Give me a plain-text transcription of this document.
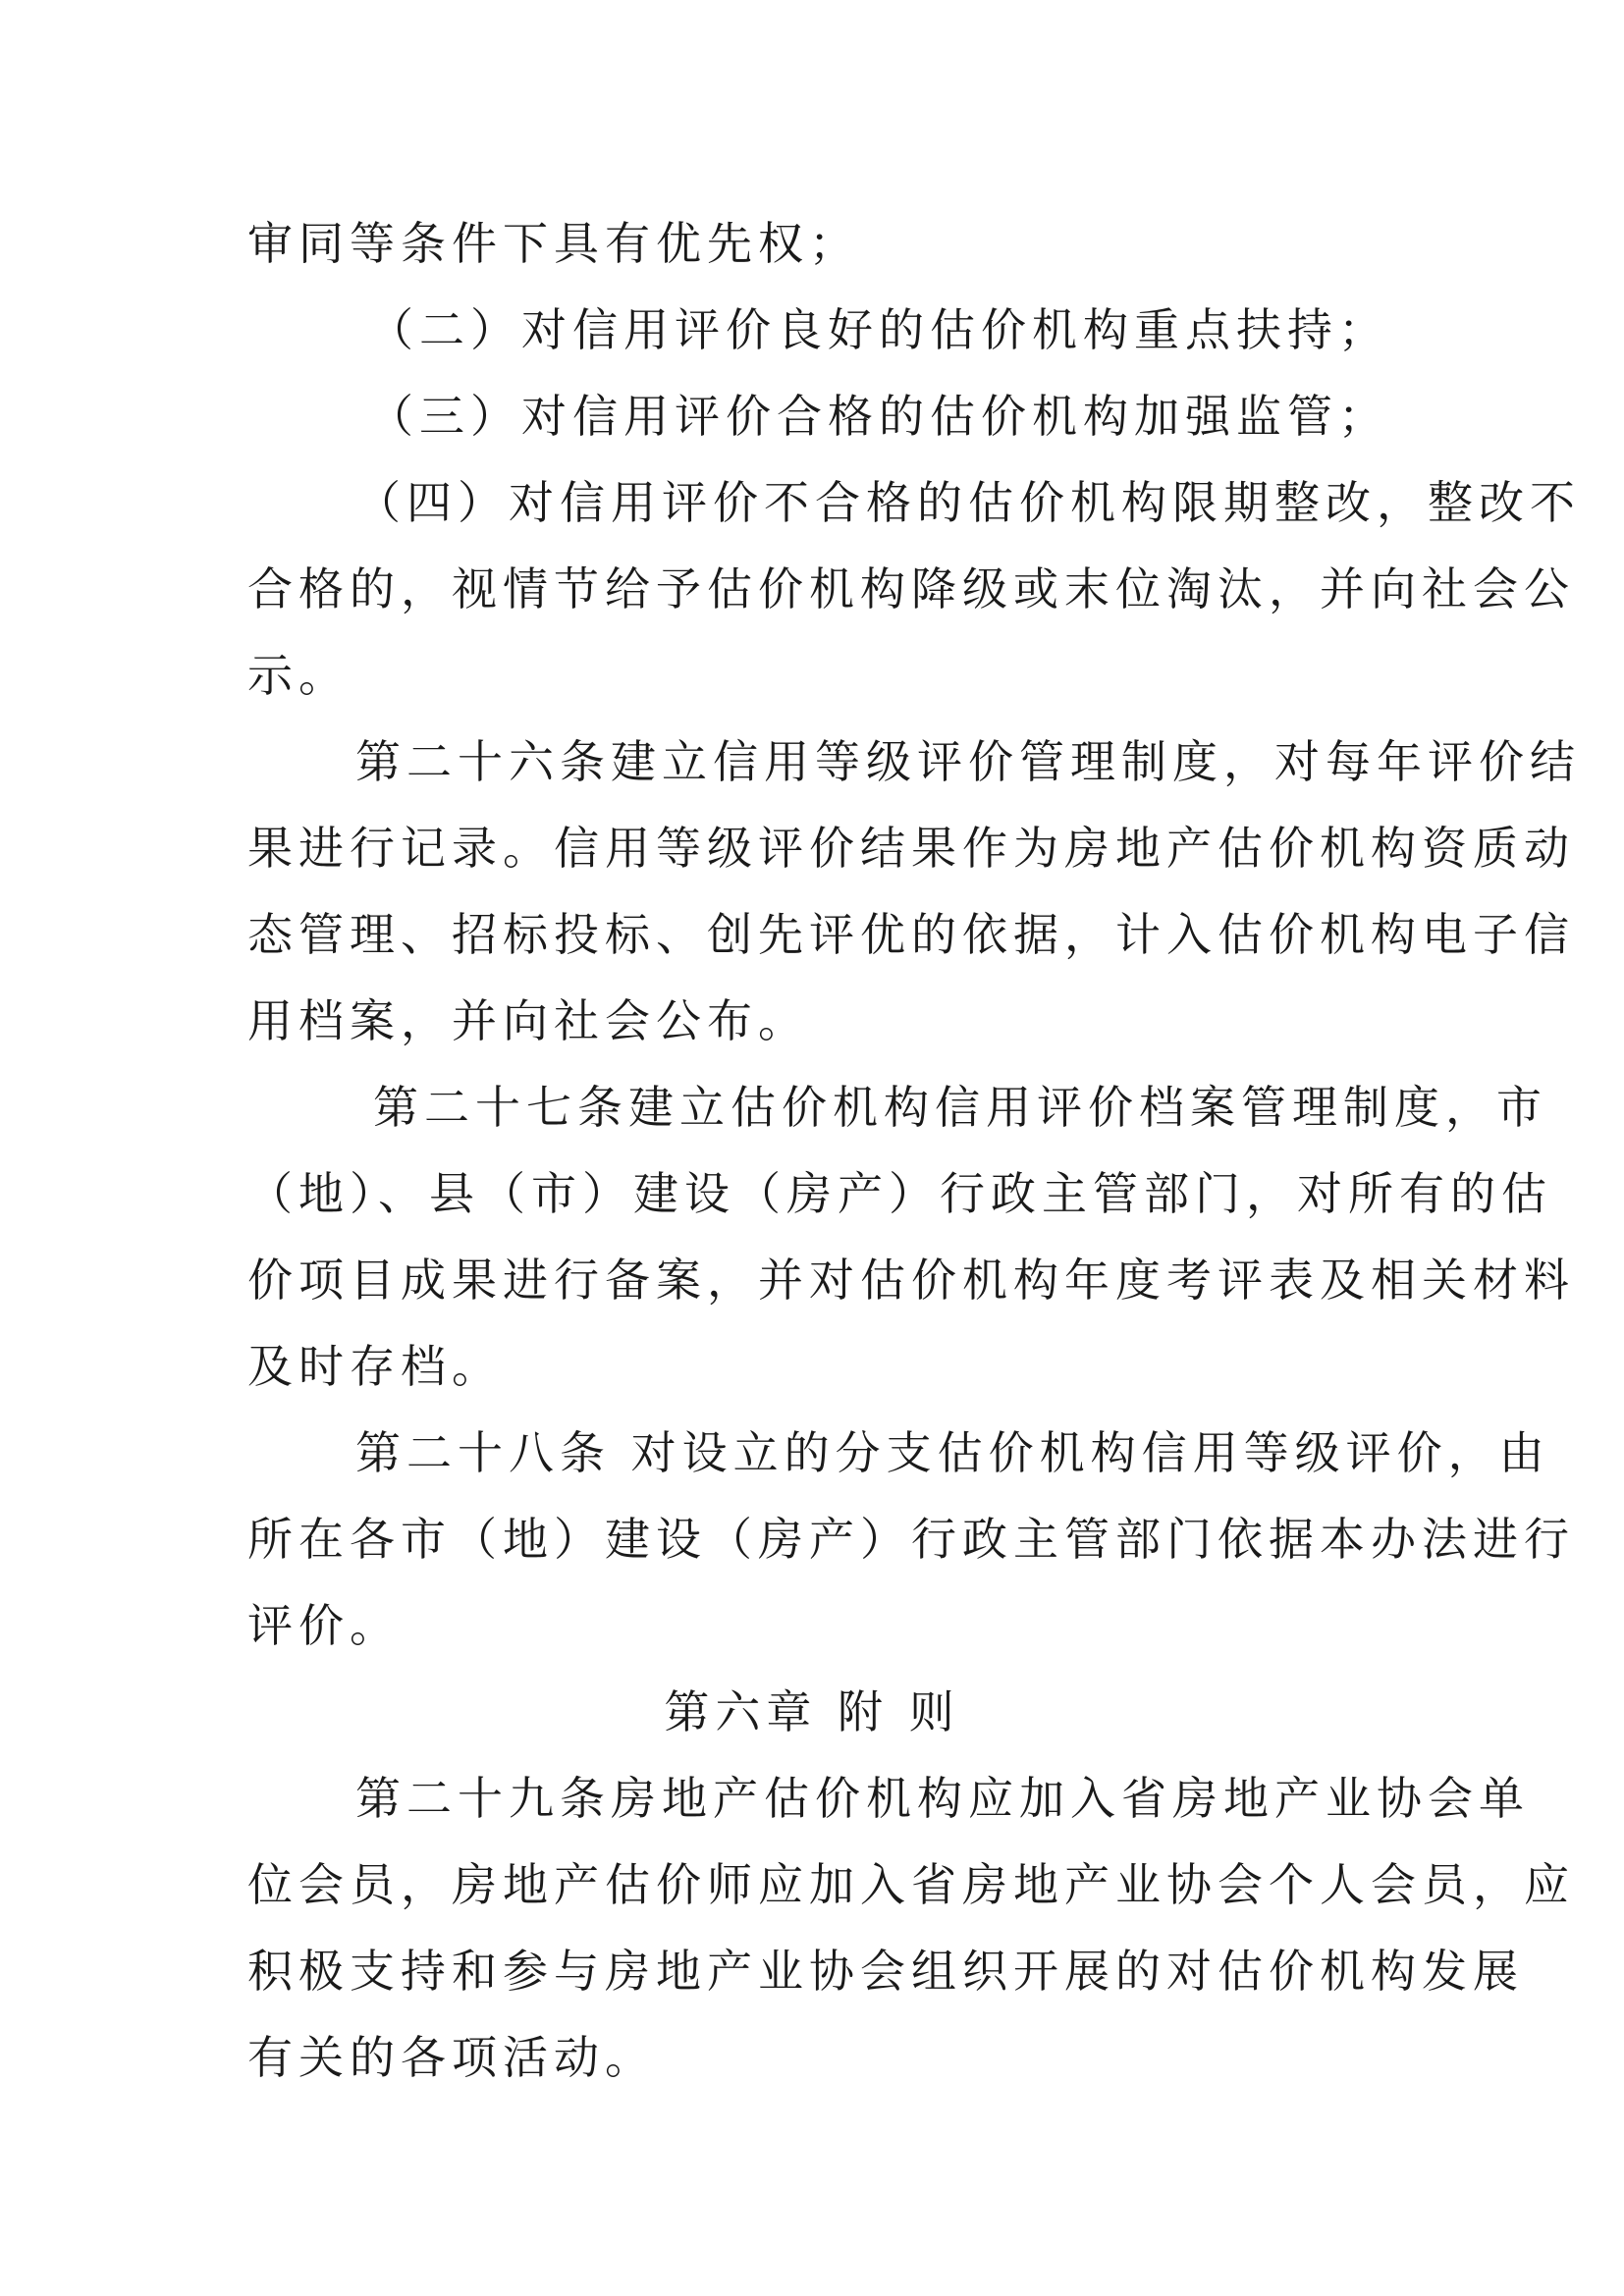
审同等条件下具有优先权；
（二）对信用评价良好的估价机构重点扶持；
（三）对信用评价合格的估价机构加强监管；
（四）对信用评价不合格的估价机构限期整改，整改不
合格的，视情节给予估价机构降级或末位淘汰，并向社会公
示。
第二十六条建立信用等级评价管理制度，对每年评价结
果进行记录。信用等级评价结果作为房地产估价机构资质动
态管理、招标投标、创先评优的依据，计入估价机构电子信
用档案，并向社会公布。
第二十七条建立估价机构信用评价档案管理制度，市
（地）、县（市）建设（房产）行政主管部门，对所有的估
价项目成果进行备案，并对估价机构年度考评表及相关材料
及时存档。
第二十八条 对设立的分支估价机构信用等级评价，由
所在各市（地）建设（房产）行政主管部门依据本办法进行
评价。
第六章 附 则
第二十九条房地产估价机构应加入省房地产业协会单
位会员，房地产估价师应加入省房地产业协会个人会员，应
积极支持和参与房地产业协会组织开展的对估价机构发展
有关的各项活动。
